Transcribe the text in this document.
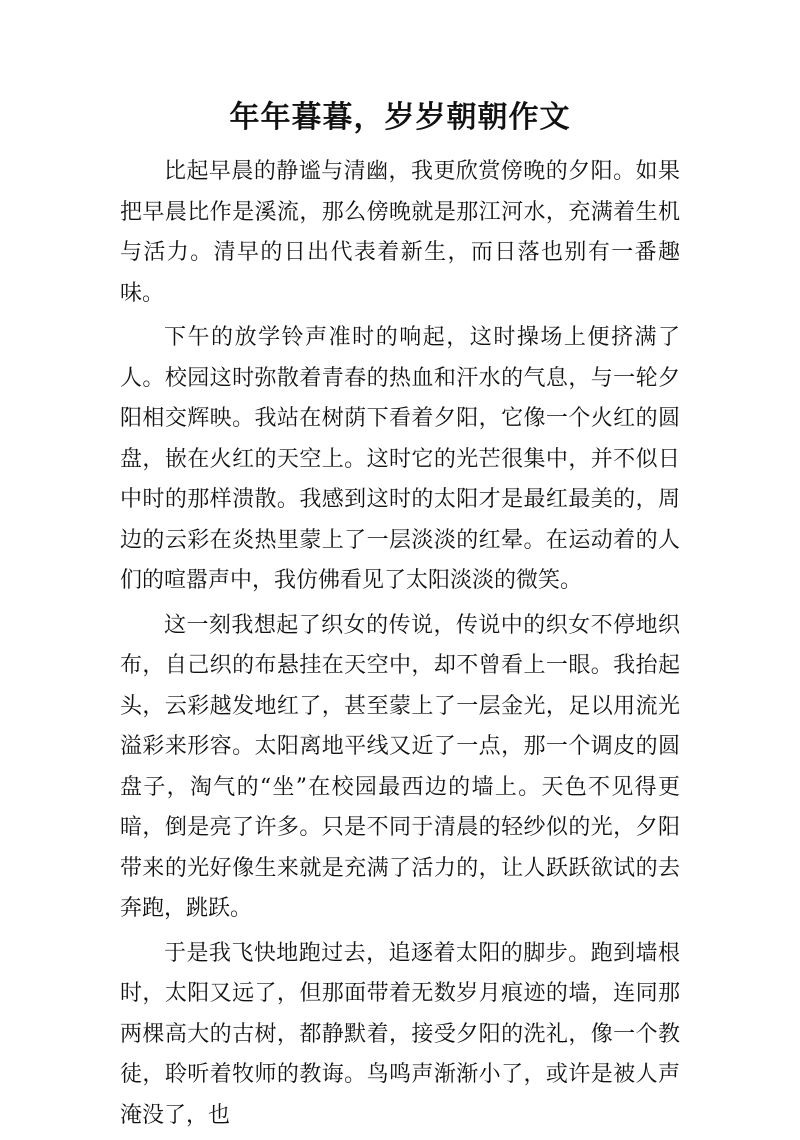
年年暮暮，岁岁朝朝作文

比起早晨的静谧与清幽，我更欣赏傍晚的夕阳。如果把早晨比作是溪流，那么傍晚就是那江河水，充满着生机与活力。清早的日出代表着新生，而日落也别有一番趣味。

下午的放学铃声准时的响起，这时操场上便挤满了人。校园这时弥散着青春的热血和汗水的气息，与一轮夕阳相交辉映。我站在树荫下看着夕阳，它像一个火红的圆盘，嵌在火红的天空上。这时它的光芒很集中，并不似日中时的那样溃散。我感到这时的太阳才是最红最美的，周边的云彩在炎热里蒙上了一层淡淡的红晕。在运动着的人们的喧嚣声中，我仿佛看见了太阳淡淡的微笑。

这一刻我想起了织女的传说，传说中的织女不停地织布，自己织的布悬挂在天空中，却不曾看上一眼。我抬起头，云彩越发地红了，甚至蒙上了一层金光，足以用流光溢彩来形容。太阳离地平线又近了一点，那一个调皮的圆盘子，淘气的“坐”在校园最西边的墙上。天色不见得更暗，倒是亮了许多。只是不同于清晨的轻纱似的光，夕阳带来的光好像生来就是充满了活力的，让人跃跃欲试的去奔跑，跳跃。

于是我飞快地跑过去，追逐着太阳的脚步。跑到墙根时，太阳又远了，但那面带着无数岁月痕迹的墙，连同那两棵高大的古树，都静默着，接受夕阳的洗礼，像一个教徒，聆听着牧师的教诲。鸟鸣声渐渐小了，或许是被人声淹没了，也
